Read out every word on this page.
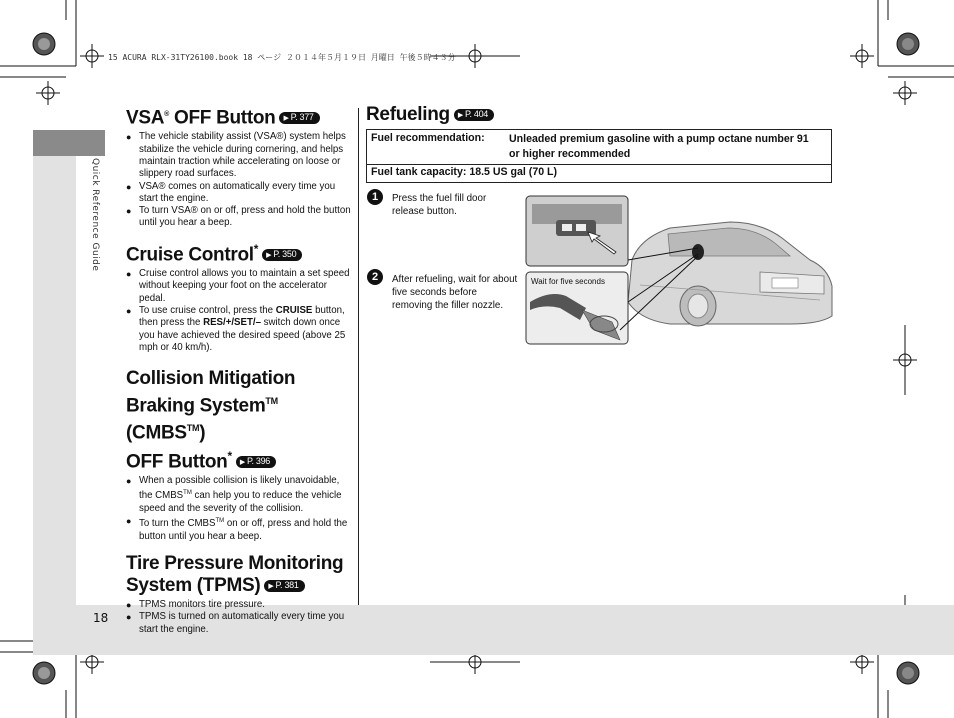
15 ACURA RLX-31TY26100.book 18 ページ ２０１４年５月１９日 月曜日 午後５時４３分
Quick Reference Guide
18
VSA® OFF Button ▶ P. 377
● The vehicle stability assist (VSA®) system helps stabilize the vehicle during cornering, and helps maintain traction while accelerating on loose or slippery road surfaces.
● VSA® comes on automatically every time you start the engine.
● To turn VSA® on or off, press and hold the button until you hear a beep.
Cruise Control* ▶ P. 350
● Cruise control allows you to maintain a set speed without keeping your foot on the accelerator pedal.
● To use cruise control, press the CRUISE button, then press the RES/+/SET/– switch down once you have achieved the desired speed (above 25 mph or 40 km/h).
Collision Mitigation
Braking System™ (CMBS™)
OFF Button* ▶ P. 396
● When a possible collision is likely unavoidable, the CMBS™ can help you to reduce the vehicle speed and the severity of the collision.
● To turn the CMBS™ on or off, press and hold the button until you hear a beep.
Tire Pressure Monitoring
System (TPMS) ▶ P. 381
● TPMS monitors tire pressure.
● TPMS is turned on automatically every time you start the engine.
Refueling ▶ P. 404
Fuel recommendation: Unleaded premium gasoline with a pump octane number 91 or higher recommended
Fuel tank capacity: 18.5 US gal (70 L)
1	Press the fuel fill door release button.
2	After refueling, wait for about five seconds before removing the filler nozzle.
Wait for five seconds
